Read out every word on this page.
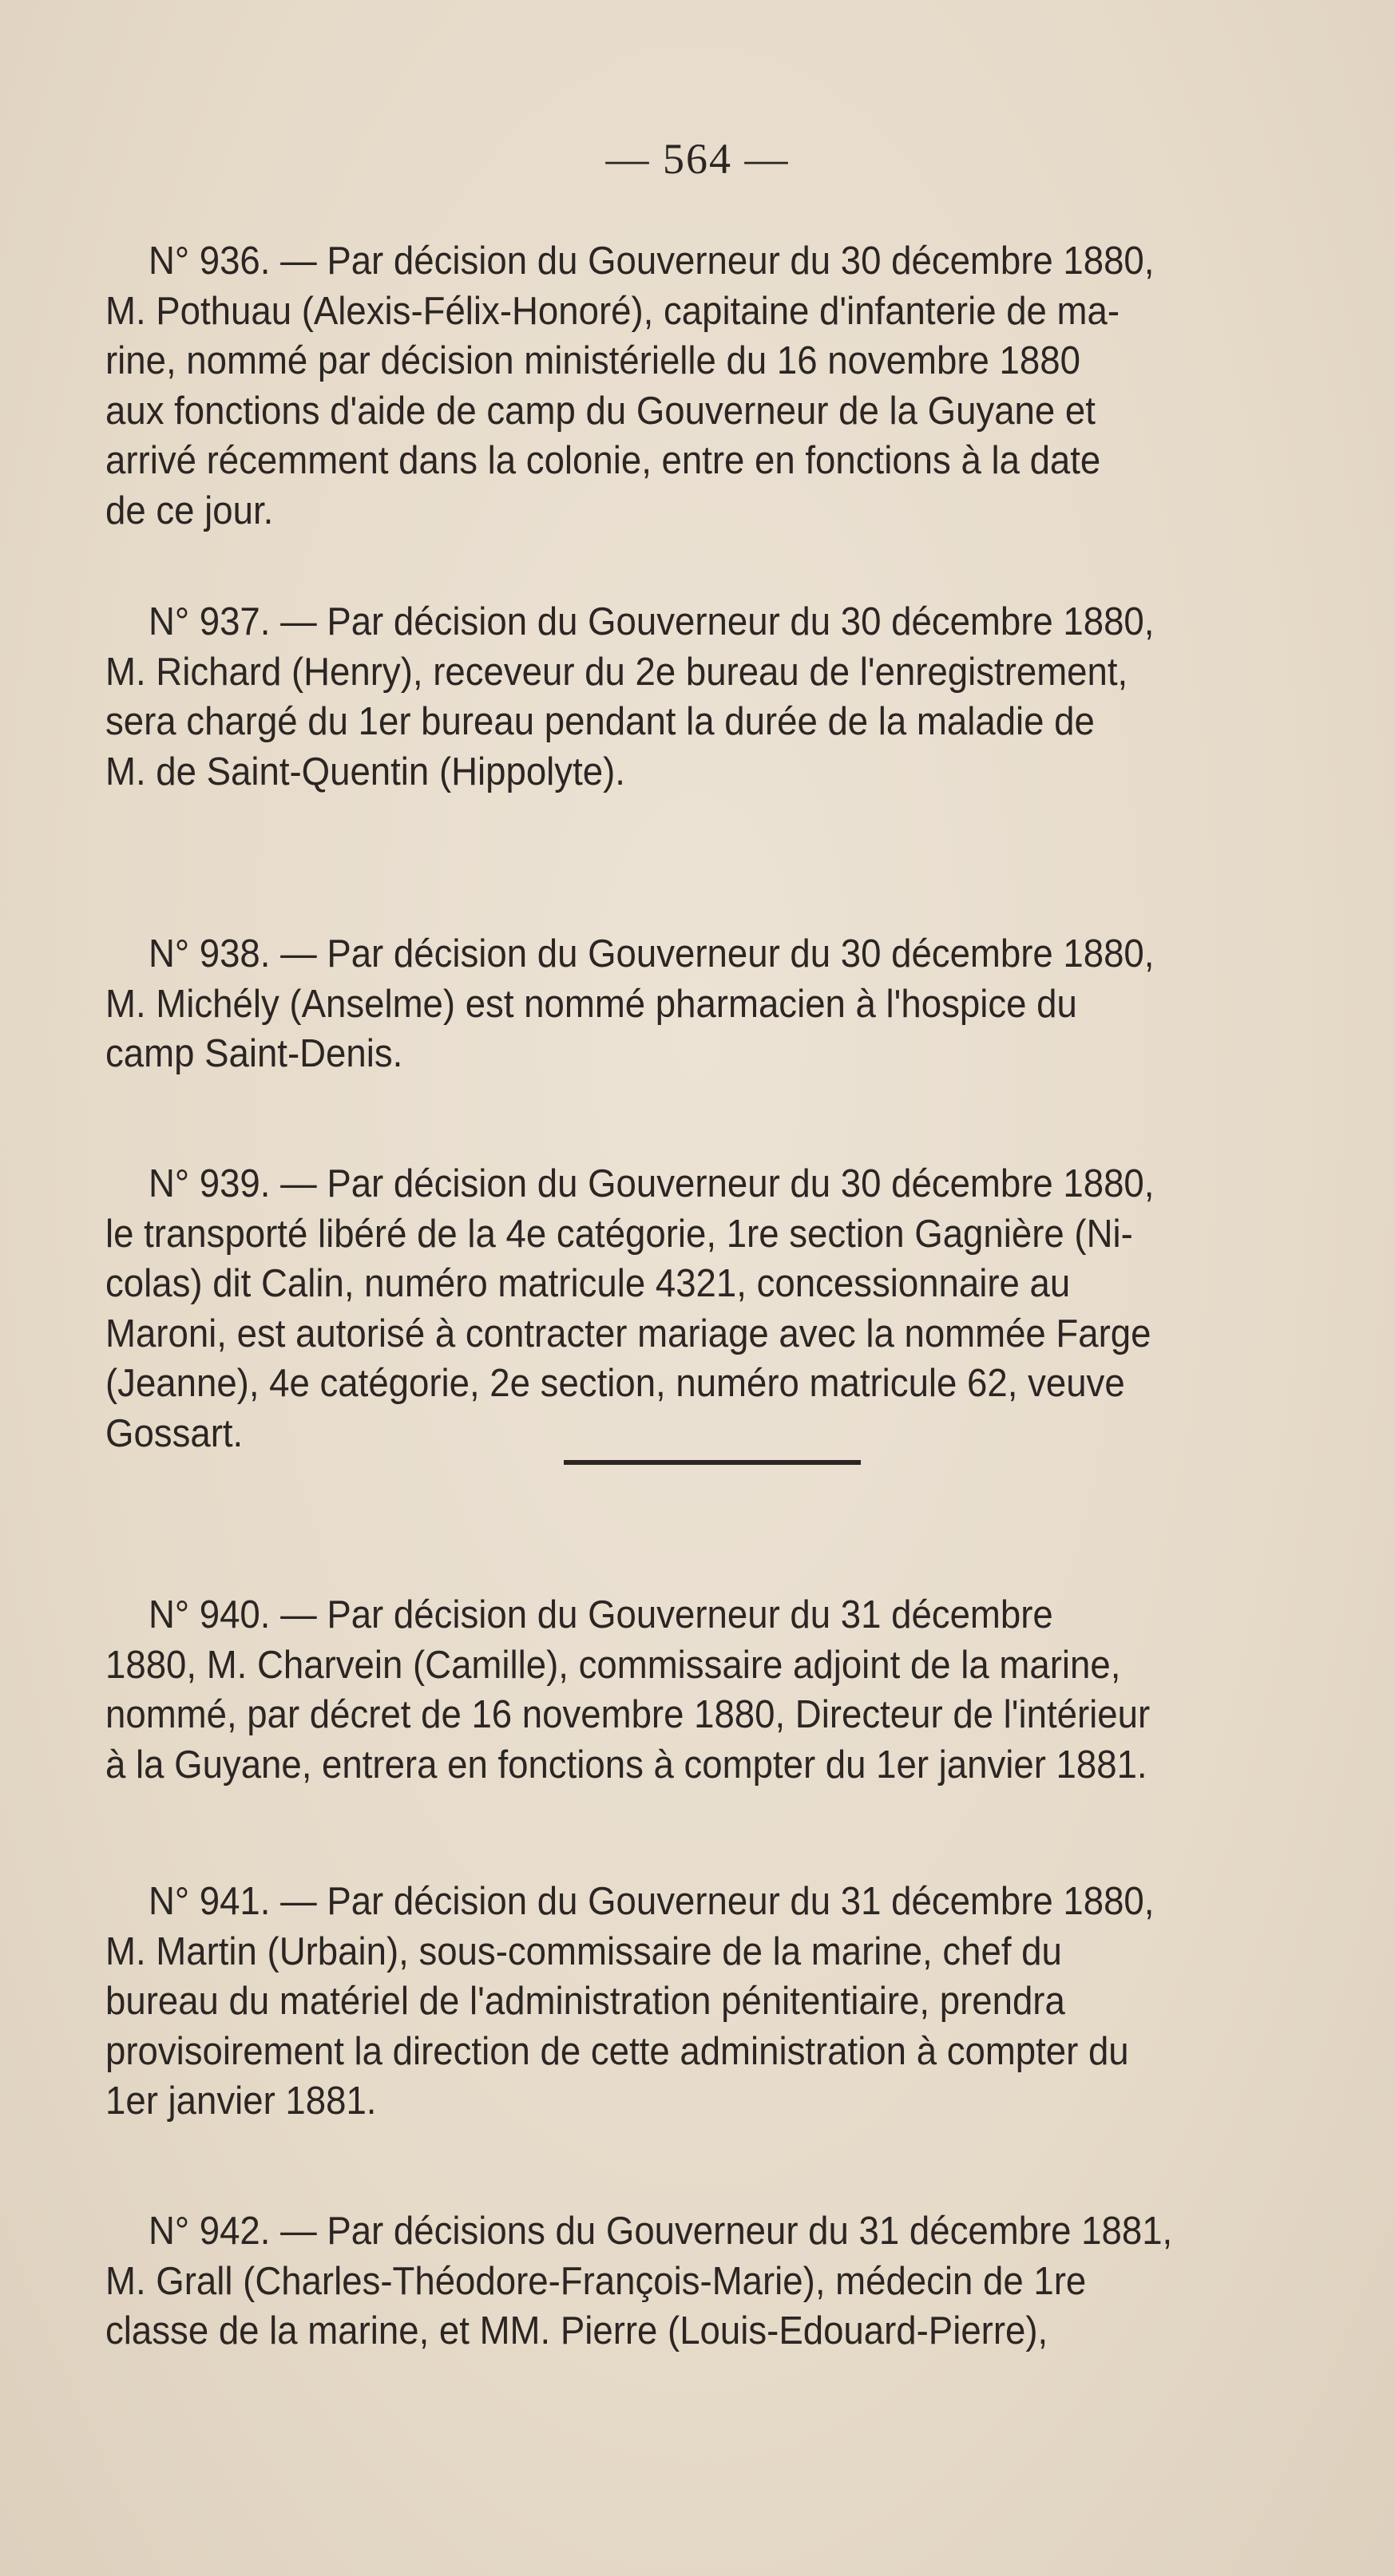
— 564 —
N° 936. — Par décision du Gouverneur du 30 décembre 1880,
M. Pothuau (Alexis-Félix-Honoré), capitaine d'infanterie de ma-
rine, nommé par décision ministérielle du 16 novembre 1880
aux fonctions d'aide de camp du Gouverneur de la Guyane et
arrivé récemment dans la colonie, entre en fonctions à la date
de ce jour.
N° 937. — Par décision du Gouverneur du 30 décembre 1880,
M. Richard (Henry), receveur du 2e bureau de l'enregistrement,
sera chargé du 1er bureau pendant la durée de la maladie de
M. de Saint-Quentin (Hippolyte).
N° 938. — Par décision du Gouverneur du 30 décembre 1880,
M. Michély (Anselme) est nommé pharmacien à l'hospice du
camp Saint-Denis.
N° 939. — Par décision du Gouverneur du 30 décembre 1880,
le transporté libéré de la 4e catégorie, 1re section Gagnière (Ni-
colas) dit Calin, numéro matricule 4321, concessionnaire au
Maroni, est autorisé à contracter mariage avec la nommée Farge
(Jeanne), 4e catégorie, 2e section, numéro matricule 62, veuve
Gossart.
N° 940. — Par décision du Gouverneur du 31 décembre
1880, M. Charvein (Camille), commissaire adjoint de la marine,
nommé, par décret de 16 novembre 1880, Directeur de l'intérieur
à la Guyane, entrera en fonctions à compter du 1er janvier 1881.
N° 941. — Par décision du Gouverneur du 31 décembre 1880,
M. Martin (Urbain), sous-commissaire de la marine, chef du
bureau du matériel de l'administration pénitentiaire, prendra
provisoirement la direction de cette administration à compter du
1er janvier 1881.
N° 942. — Par décisions du Gouverneur du 31 décembre 1881,
M. Grall (Charles-Théodore-François-Marie), médecin de 1re
classe de la marine, et MM. Pierre (Louis-Edouard-Pierre),
